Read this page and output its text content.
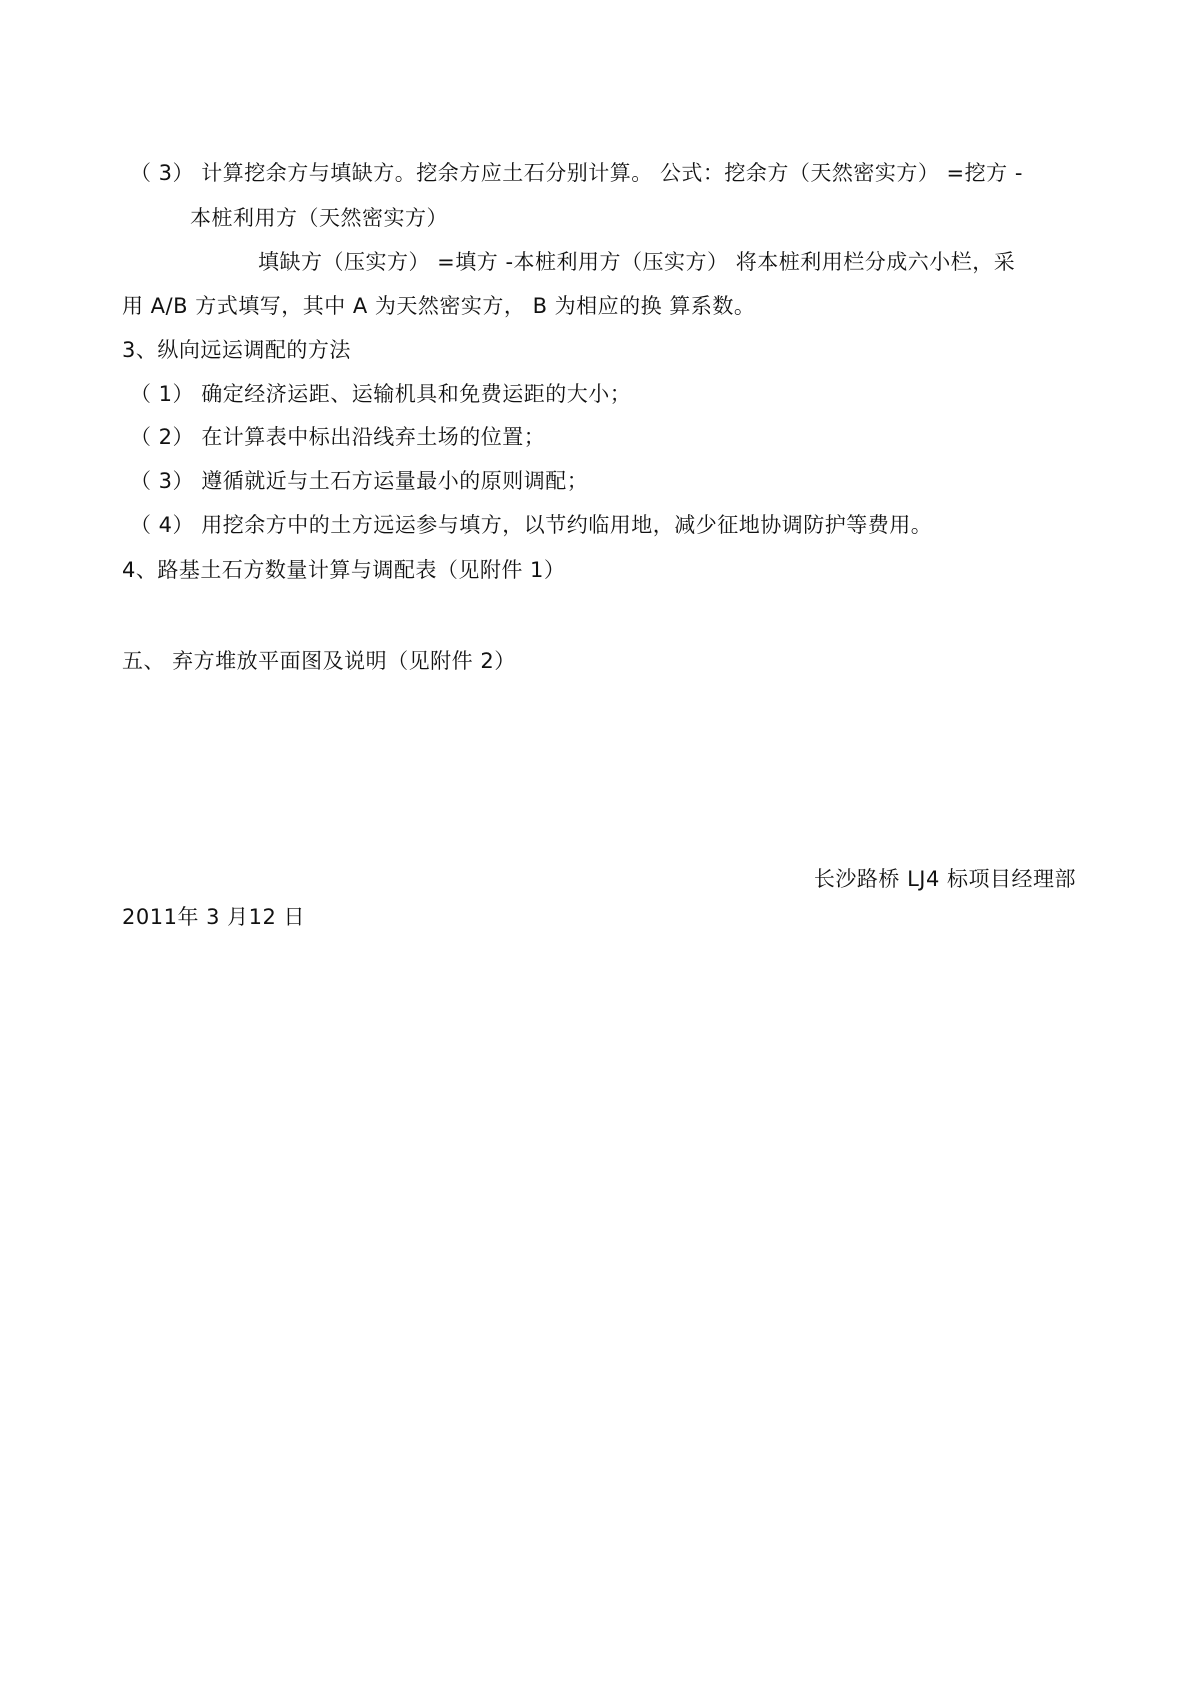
（ 3） 计算挖余方与填缺方。挖余方应土石分别计算。 公式：挖余方（天然密实方） =挖方 -
本桩利用方（天然密实方）
填缺方（压实方） =填方 -本桩利用方（压实方） 将本桩利用栏分成六小栏，采
用 A/B 方式填写，其中 A 为天然密实方， B 为相应的换 算系数。
3、纵向远运调配的方法
（ 1） 确定经济运距、运输机具和免费运距的大小；
（ 2） 在计算表中标出沿线弃土场的位置；
（ 3） 遵循就近与土石方运量最小的原则调配；
（ 4） 用挖余方中的土方远运参与填方，以节约临用地，减少征地协调防护等费用。
4、路基土石方数量计算与调配表（见附件 1）
五、 弃方堆放平面图及说明（见附件 2）
长沙路桥 LJ4 标项目经理部
2011年 3 月12 日
